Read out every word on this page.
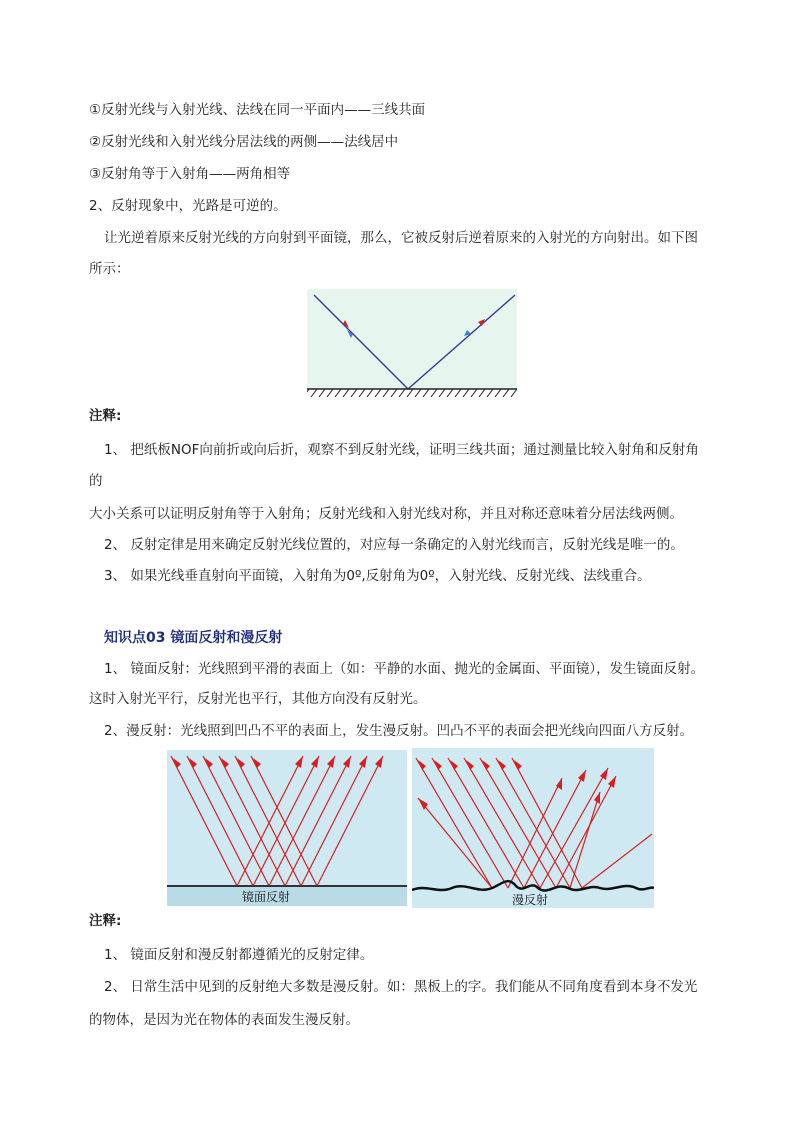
①反射光线与入射光线、法线在同一平面内——三线共面
②反射光线和入射光线分居法线的两侧——法线居中
③反射角等于入射角——两角相等
2、反射现象中，光路是可逆的。
让光逆着原来反射光线的方向射到平面镜，那么，它被反射后逆着原来的入射光的方向射出。如下图
所示：
注释:
1、 把纸板NOF向前折或向后折，观察不到反射光线，证明三线共面；通过测量比较入射角和反射角
的
大小关系可以证明反射角等于入射角；反射光线和入射光线对称，并且对称还意味着分居法线两侧。
2、 反射定律是用来确定反射光线位置的，对应每一条确定的入射光线而言，反射光线是唯一的。
3、 如果光线垂直射向平面镜，入射角为0º,反射角为0º，入射光线、反射光线、法线重合。
知识点03 镜面反射和漫反射
1、 镜面反射：光线照到平滑的表面上（如：平静的水面、抛光的金属面、平面镜），发生镜面反射。
这时入射光平行，反射光也平行，其他方向没有反射光。
2、漫反射：光线照到凹凸不平的表面上，发生漫反射。凹凸不平的表面会把光线向四面八方反射。
镜面反射	漫反射
注释:
1、 镜面反射和漫反射都遵循光的反射定律。
2、 日常生活中见到的反射绝大多数是漫反射。如：黑板上的字。我们能从不同角度看到本身不发光
的物体，是因为光在物体的表面发生漫反射。
